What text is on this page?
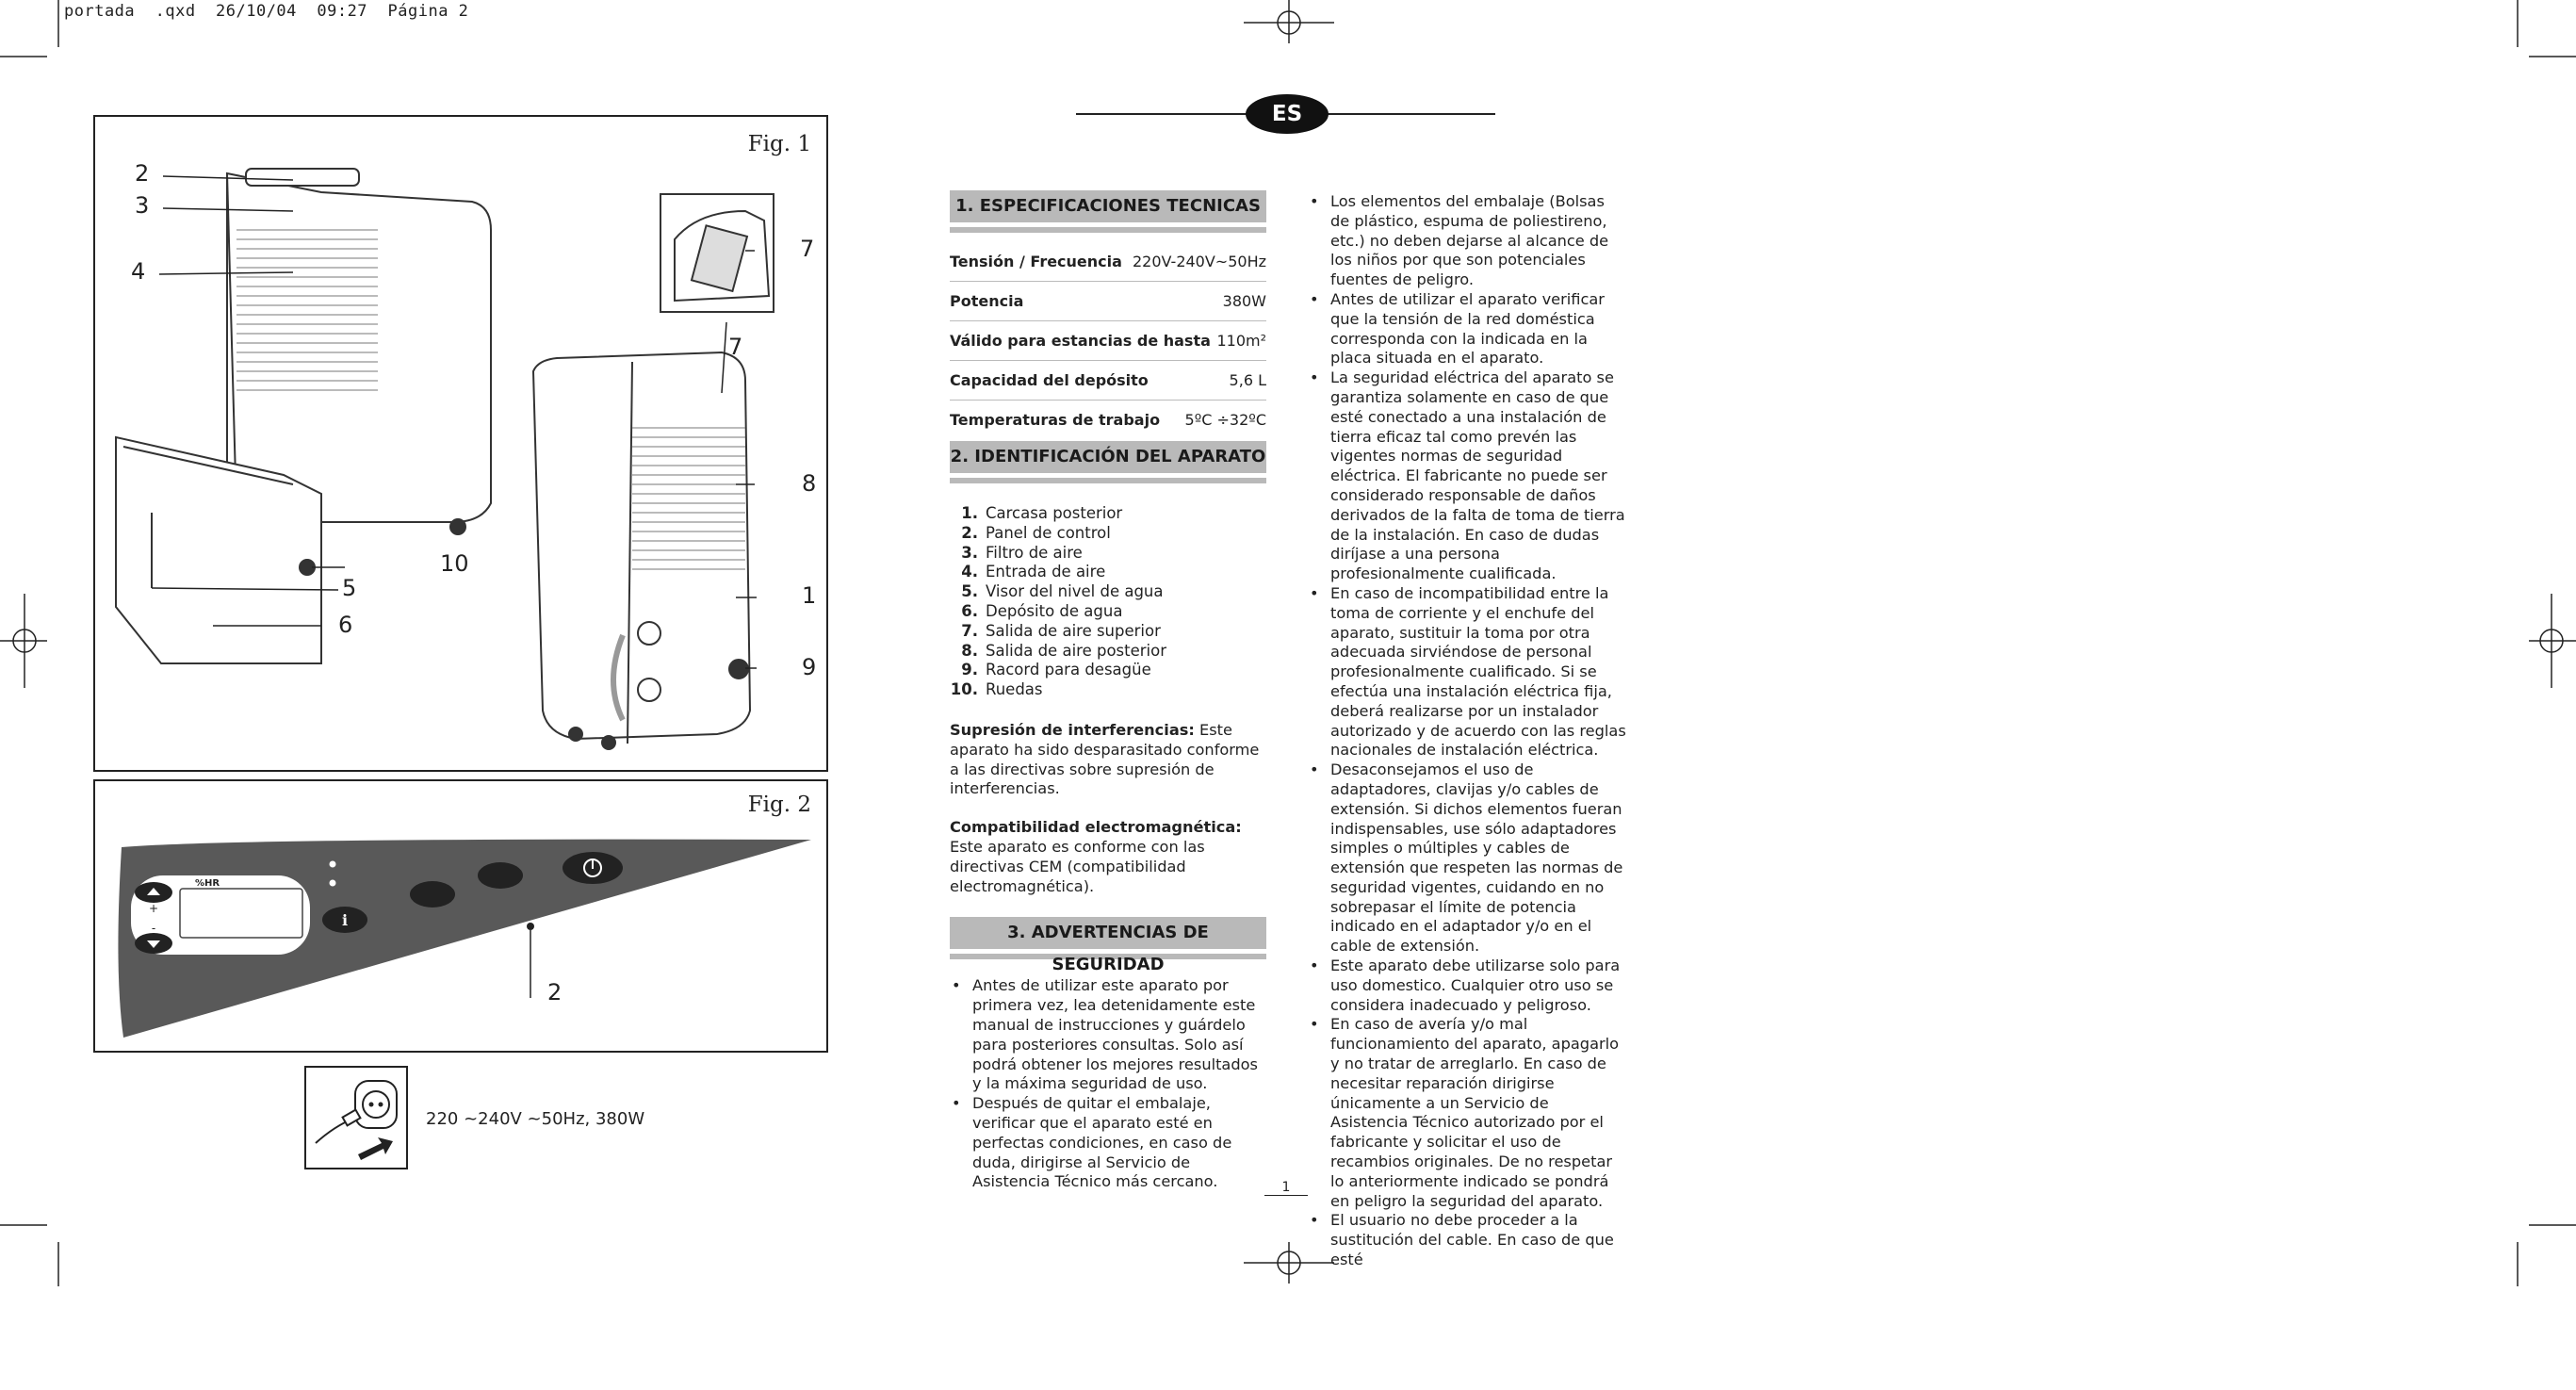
portada  .qxd  26/10/04  09:27  Página 2
Fig. 1
2
3
4
7
7
8
1
9
10
5
6
Fig. 2
+
-	i
%HR
2
220 ~240V ~50Hz, 380W
ES
1. ESPECIFICACIONES TECNICAS
Tensión / Frecuencia 220V-240V~50Hz
Potencia	380W
Válido para estancias de hasta 110m²
Capacidad del depósito	5,6 L
Temperaturas de trabajo 5ºC ÷32ºC
2. IDENTIFICACIÓN DEL APARATO
1. Carcasa posterior
2. Panel de control
3. Filtro de aire
4. Entrada de aire
5. Visor del nivel de agua
6. Depósito de agua
7. Salida de aire superior
8. Salida de aire posterior
9. Racord para desagüe
10. Ruedas
Supresión de interferencias: Este aparato ha sido desparasitado conforme a las directivas sobre supresión de interferencias.
Compatibilidad electromagnética: Este aparato es conforme con las directivas CEM (compatibilidad electromagnética).
3. ADVERTENCIAS DE SEGURIDAD
• Antes de utilizar este aparato por primera vez, lea detenidamente este manual de instrucciones y guárdelo para posteriores consultas. Solo así podrá obtener los mejores resultados y la máxima seguridad de uso.
• Después de quitar el embalaje, verificar que el aparato esté en perfectas condiciones, en caso de duda, dirigirse al Servicio de Asistencia Técnico más cercano.
• Los elementos del embalaje (Bolsas de plástico, espuma de poliestireno, etc.) no deben dejarse al alcance de los niños por que son potenciales fuentes de peligro.
• Antes de utilizar el aparato verificar que la tensión de la red doméstica corresponda con la indicada en la placa situada en el aparato.
• La seguridad eléctrica del aparato se garantiza solamente en caso de que esté conectado a una instalación de tierra eficaz tal como prevén las vigentes normas de seguridad eléctrica. El fabricante no puede ser considerado responsable de daños derivados de la falta de toma de tierra de la instalación. En caso de dudas diríjase a una persona profesionalmente cualificada.
• En caso de incompatibilidad entre la toma de corriente y el enchufe del aparato, sustituir la toma por otra adecuada sirviéndose de personal profesionalmente cualificado. Si se efectúa una instalación eléctrica fija, deberá realizarse por un instalador autorizado y de acuerdo con las reglas nacionales de instalación eléctrica.
• Desaconsejamos el uso de adaptadores, clavijas y/o cables de extensión. Si dichos elementos fueran indispensables, use sólo adaptadores simples o múltiples y cables de extensión que respeten las normas de seguridad vigentes, cuidando en no sobrepasar el límite de potencia indicado en el adaptador y/o en el cable de extensión.
• Este aparato debe utilizarse solo para uso domestico. Cualquier otro uso se considera inadecuado y peligroso.
• En caso de avería y/o mal funcionamiento del aparato, apagarlo y no tratar de arreglarlo. En caso de necesitar reparación dirigirse únicamente a un Servicio de Asistencia Técnico autorizado por el fabricante y solicitar el uso de recambios originales. De no respetar lo anteriormente indicado se pondrá en peligro la seguridad del aparato.
• El usuario no debe proceder a la sustitución del cable. En caso de que esté
1
